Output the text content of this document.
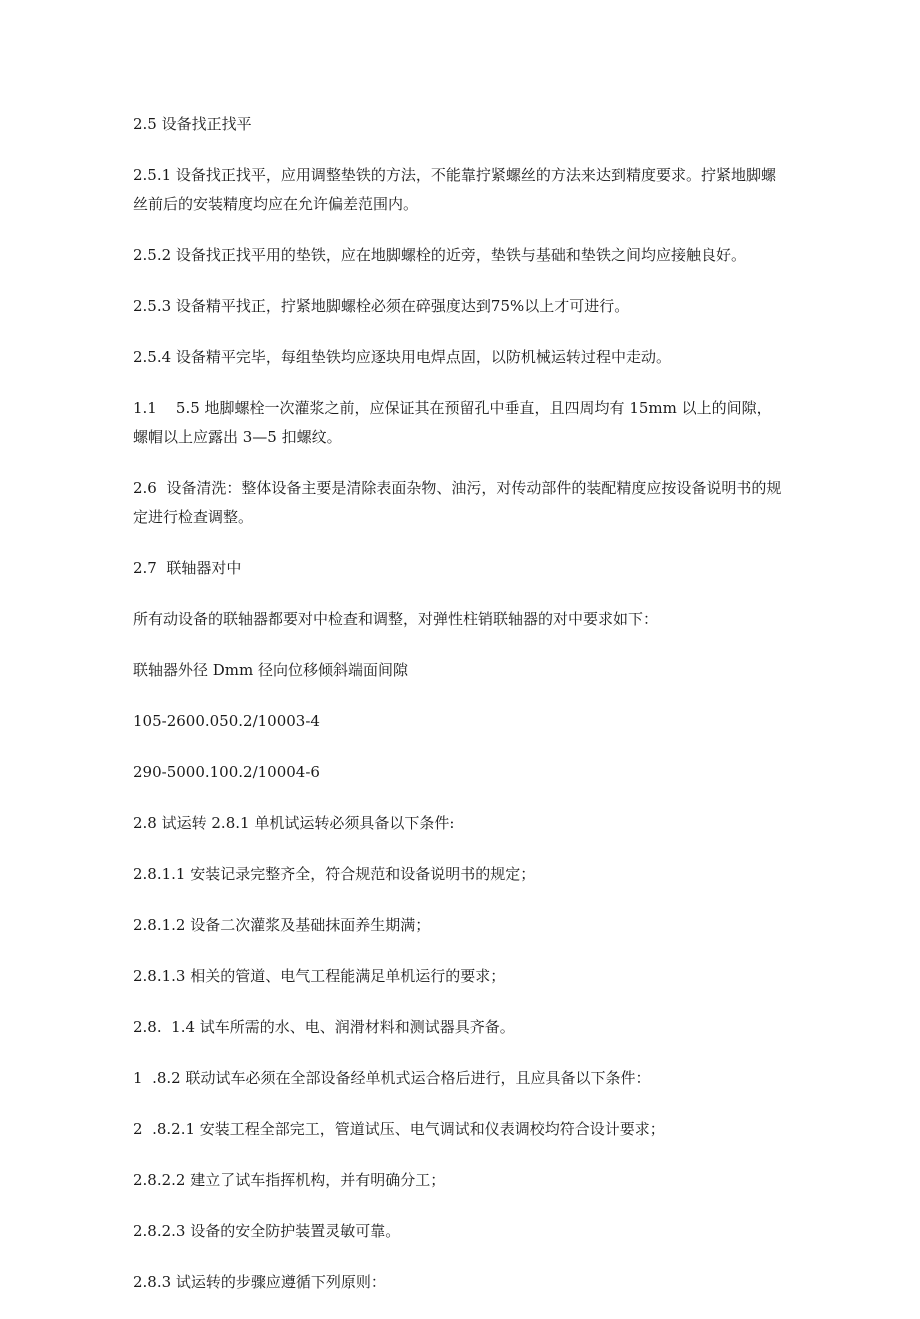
2.5 设备找正找平

2.5.1 设备找正找平，应用调整垫铁的方法，不能靠拧紧螺丝的方法来达到精度要求。拧紧地脚螺丝前后的安装精度均应在允许偏差范围内。

2.5.2 设备找正找平用的垫铁，应在地脚螺栓的近旁，垫铁与基础和垫铁之间均应接触良好。

2.5.3 设备精平找正，拧紧地脚螺栓必须在碎强度达到75%以上才可进行。

2.5.4 设备精平完毕，每组垫铁均应逐块用电焊点固，以防机械运转过程中走动。

1.1    5.5 地脚螺栓一次灌浆之前，应保证其在预留孔中垂直，且四周均有 15mm 以上的间隙，螺帽以上应露出 3—5 扣螺纹。

2.6  设备清洗：整体设备主要是清除表面杂物、油污，对传动部件的装配精度应按设备说明书的规定进行检查调整。

2.7  联轴器对中

所有动设备的联轴器都要对中检查和调整，对弹性柱销联轴器的对中要求如下：

联轴器外径 Dmm 径向位移倾斜端面间隙

105-2600.050.2/10003-4

290-5000.100.2/10004-6

2.8 试运转 2.8.1 单机试运转必须具备以下条件:

2.8.1.1 安装记录完整齐全，符合规范和设备说明书的规定；

2.8.1.2 设备二次灌浆及基础抹面养生期满；

2.8.1.3 相关的管道、电气工程能满足单机运行的要求；

2.8.  1.4 试车所需的水、电、润滑材料和测试器具齐备。

1  .8.2 联动试车必须在全部设备经单机式运合格后进行，且应具备以下条件：

2  .8.2.1 安装工程全部完工，管道试压、电气调试和仪表调校均符合设计要求；

2.8.2.2 建立了试车指挥机构，并有明确分工；

2.8.2.3 设备的安全防护装置灵敏可靠。

2.8.3 试运转的步骤应遵循下列原则：
